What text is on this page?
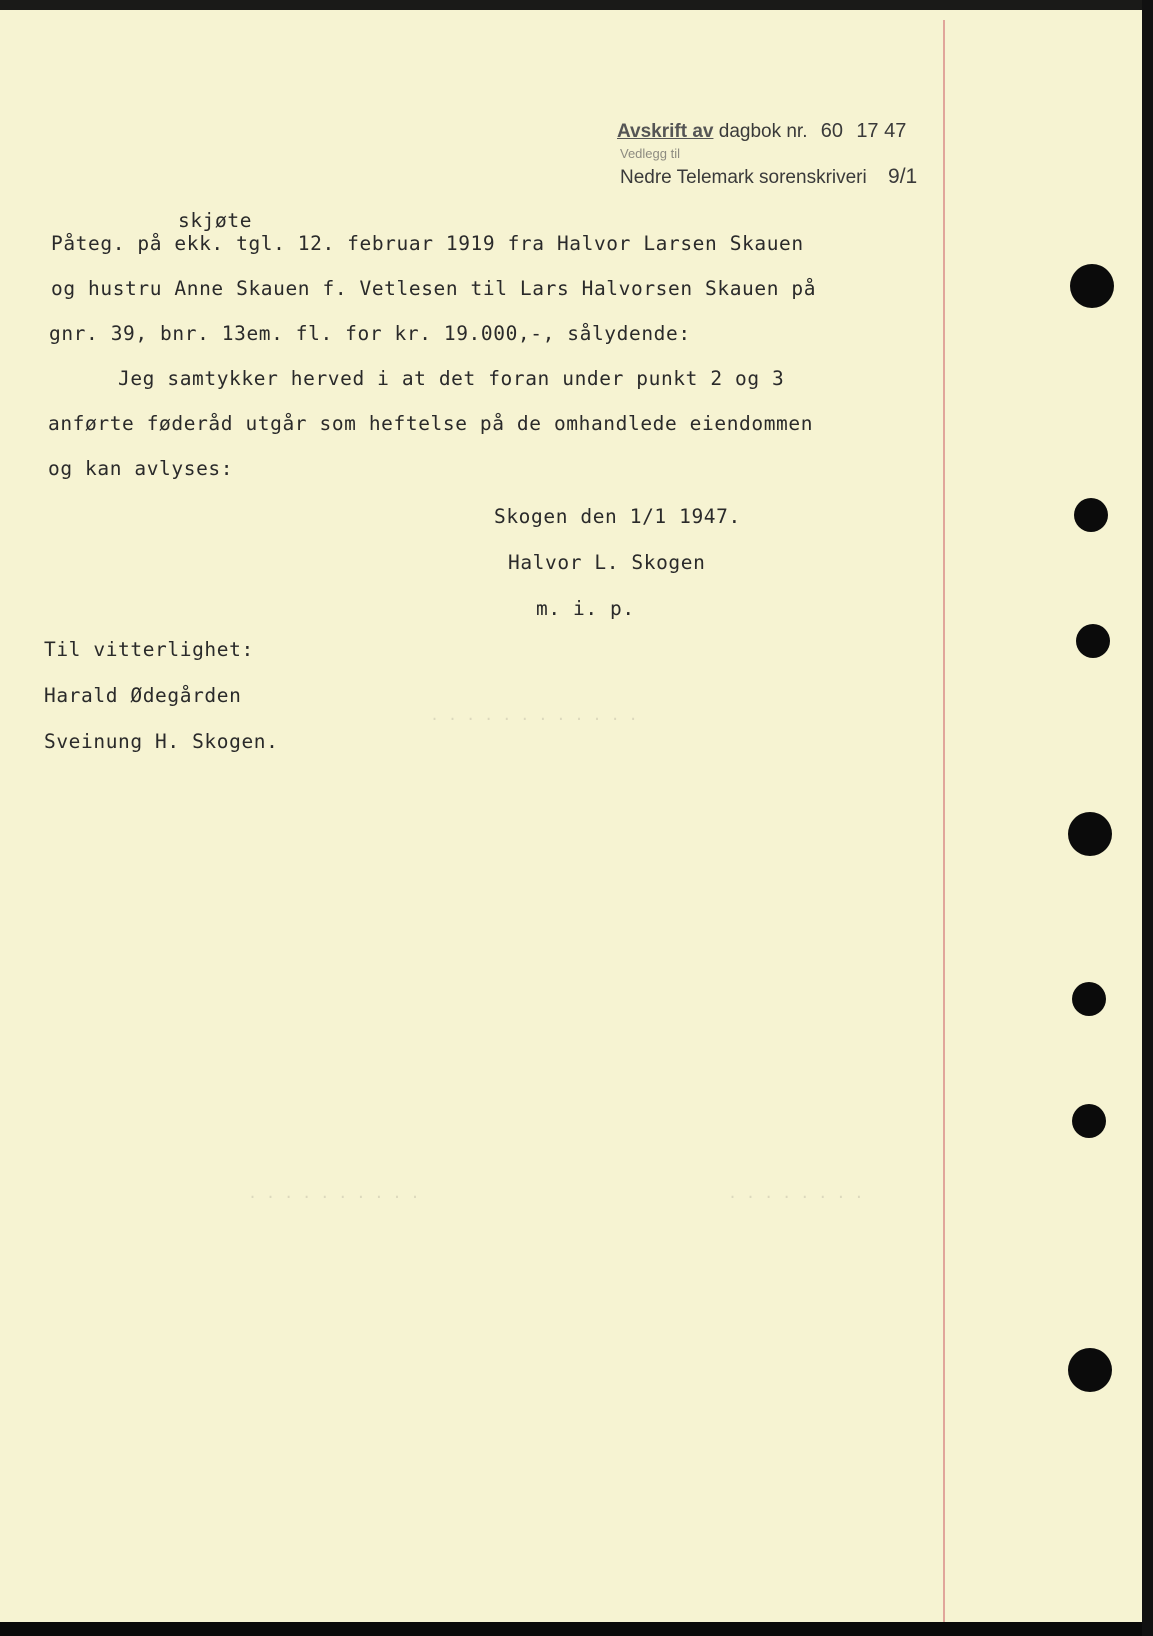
. . . . . . . . . .	. . . . . . . .
. . . . . . . . . . . .
Avskrift av dagbok nr. 60 17 47
Vedlegg til
Nedre Telemark sorenskriveri 9/1
skjøte
Påteg. på ekk. tgl. 12. februar 1919 fra Halvor Larsen Skauen
og hustru Anne Skauen f. Vetlesen til Lars Halvorsen Skauen på
gnr. 39, bnr. 13em. fl. for kr. 19.000,-, sålydende:
Jeg samtykker herved i at det foran under punkt 2 og 3
anførte føderåd utgår som heftelse på de omhandlede eiendommen
og kan avlyses:
Skogen den 1/1 1947.
Halvor L. Skogen
m. i. p.
Til vitterlighet:
Harald Ødegården
Sveinung H. Skogen.
